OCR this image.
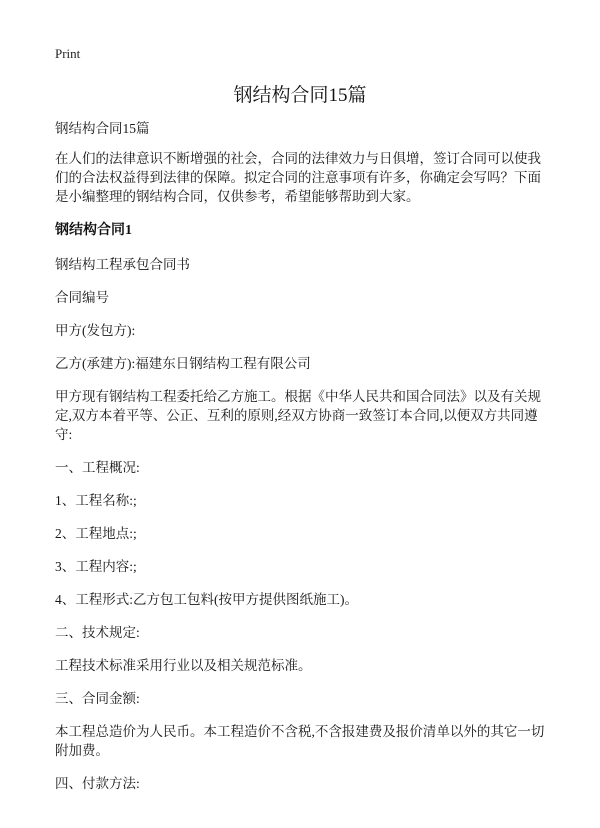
Print
钢结构合同15篇

钢结构合同15篇

在人们的法律意识不断增强的社会，合同的法律效力与日俱增，签订合同可以使我们的合法权益得到法律的保障。拟定合同的注意事项有许多，你确定会写吗？下面是小编整理的钢结构合同，仅供参考，希望能够帮助到大家。

钢结构合同1

钢结构工程承包合同书

合同编号

甲方(发包方):

乙方(承建方):福建东日钢结构工程有限公司

甲方现有钢结构工程委托给乙方施工。根据《中华人民共和国合同法》以及有关规定,双方本着平等、公正、互利的原则,经双方协商一致签订本合同,以便双方共同遵守:

一、工程概况:

1、工程名称:;

2、工程地点:;

3、工程内容:;

4、工程形式:乙方包工包料(按甲方提供图纸施工)。

二、技术规定:

工程技术标准采用行业以及相关规范标准。

三、合同金额:

本工程总造价为人民币。本工程造价不含税,不含报建费及报价清单以外的其它一切附加费。

四、付款方法:
